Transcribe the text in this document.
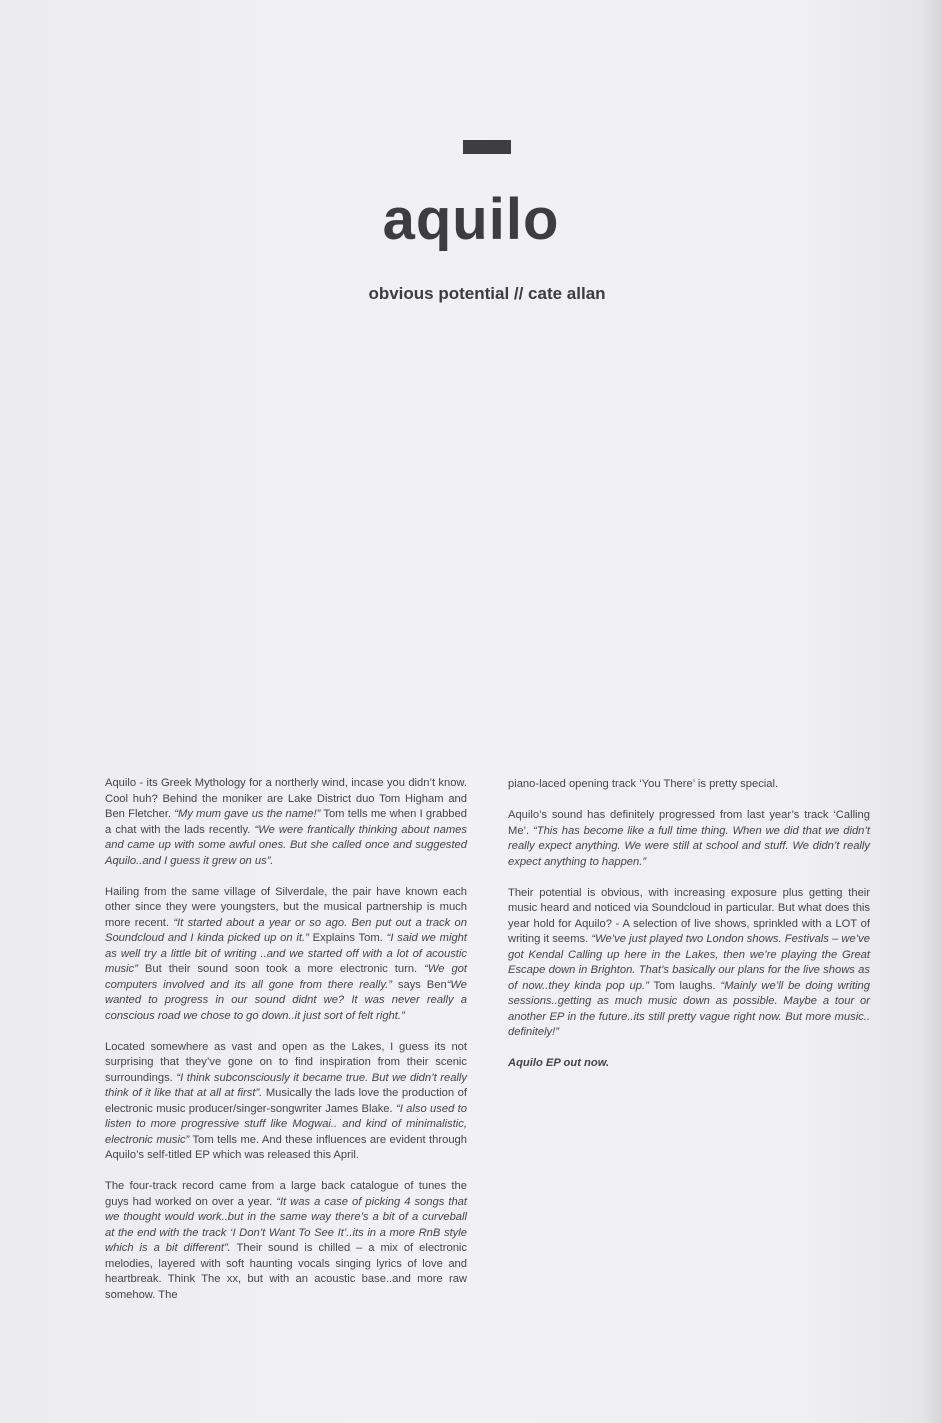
aquilo
obvious potential // cate allan

Aquilo - its Greek Mythology for a northerly wind, incase you didn’t know. Cool huh? Behind the moniker are Lake District duo Tom Higham and Ben Fletcher. “My mum gave us the name!” Tom tells me when I grabbed a chat with the lads recently. “We were frantically thinking about names and came up with some awful ones. But she called once and suggested Aquilo..and I guess it grew on us”.

Hailing from the same village of Silverdale, the pair have known each other since they were youngsters, but the musical partnership is much more recent. “It started about a year or so ago. Ben put out a track on Soundcloud and I kinda picked up on it.” Explains Tom. “I said we might as well try a little bit of writing ..and we started off with a lot of acoustic music” But their sound soon took a more electronic turn. “We got computers involved and its all gone from there really.” says Ben“We wanted to progress in our sound didnt we? It was never really a conscious road we chose to go down..it just sort of felt right.”

Located somewhere as vast and open as the Lakes, I guess its not surprising that they’ve gone on to find inspiration from their scenic surroundings. “I think subconsciously it became true. But we didn’t really think of it like that at all at first”. Musically the lads love the production of electronic music producer/singer-songwriter James Blake. “I also used to listen to more progressive stuff like Mogwai.. and kind of minimalistic, electronic music” Tom tells me. And these influences are evident through Aquilo’s self-titled EP which was released this April.

The four-track record came from a large back catalogue of tunes the guys had worked on over a year. “It was a case of picking 4 songs that we thought would work..but in the same way there’s a bit of a curveball at the end with the track ‘I Don’t Want To See It’..its in a more RnB style which is a bit different”. Their sound is chilled – a mix of electronic melodies, layered with soft haunting vocals singing lyrics of love and heartbreak. Think The xx, but with an acoustic base..and more raw somehow. The

piano-laced opening track ‘You There’ is pretty special.

Aquilo’s sound has definitely progressed from last year’s track ‘Calling Me’. “This has become like a full time thing. When we did that we didn’t really expect anything. We were still at school and stuff. We didn’t really expect anything to happen.”

Their potential is obvious, with increasing exposure plus getting their music heard and noticed via Soundcloud in particular. But what does this year hold for Aquilo? - A selection of live shows, sprinkled with a LOT of writing it seems. “We’ve just played two London shows. Festivals – we’ve got Kendal Calling up here in the Lakes, then we’re playing the Great Escape down in Brighton. That’s basically our plans for the live shows as of now..they kinda pop up.” Tom laughs. “Mainly we’ll be doing writing sessions..getting as much music down as possible. Maybe a tour or another EP in the future..its still pretty vague right now. But more music.. definitely!”

Aquilo EP out now.
